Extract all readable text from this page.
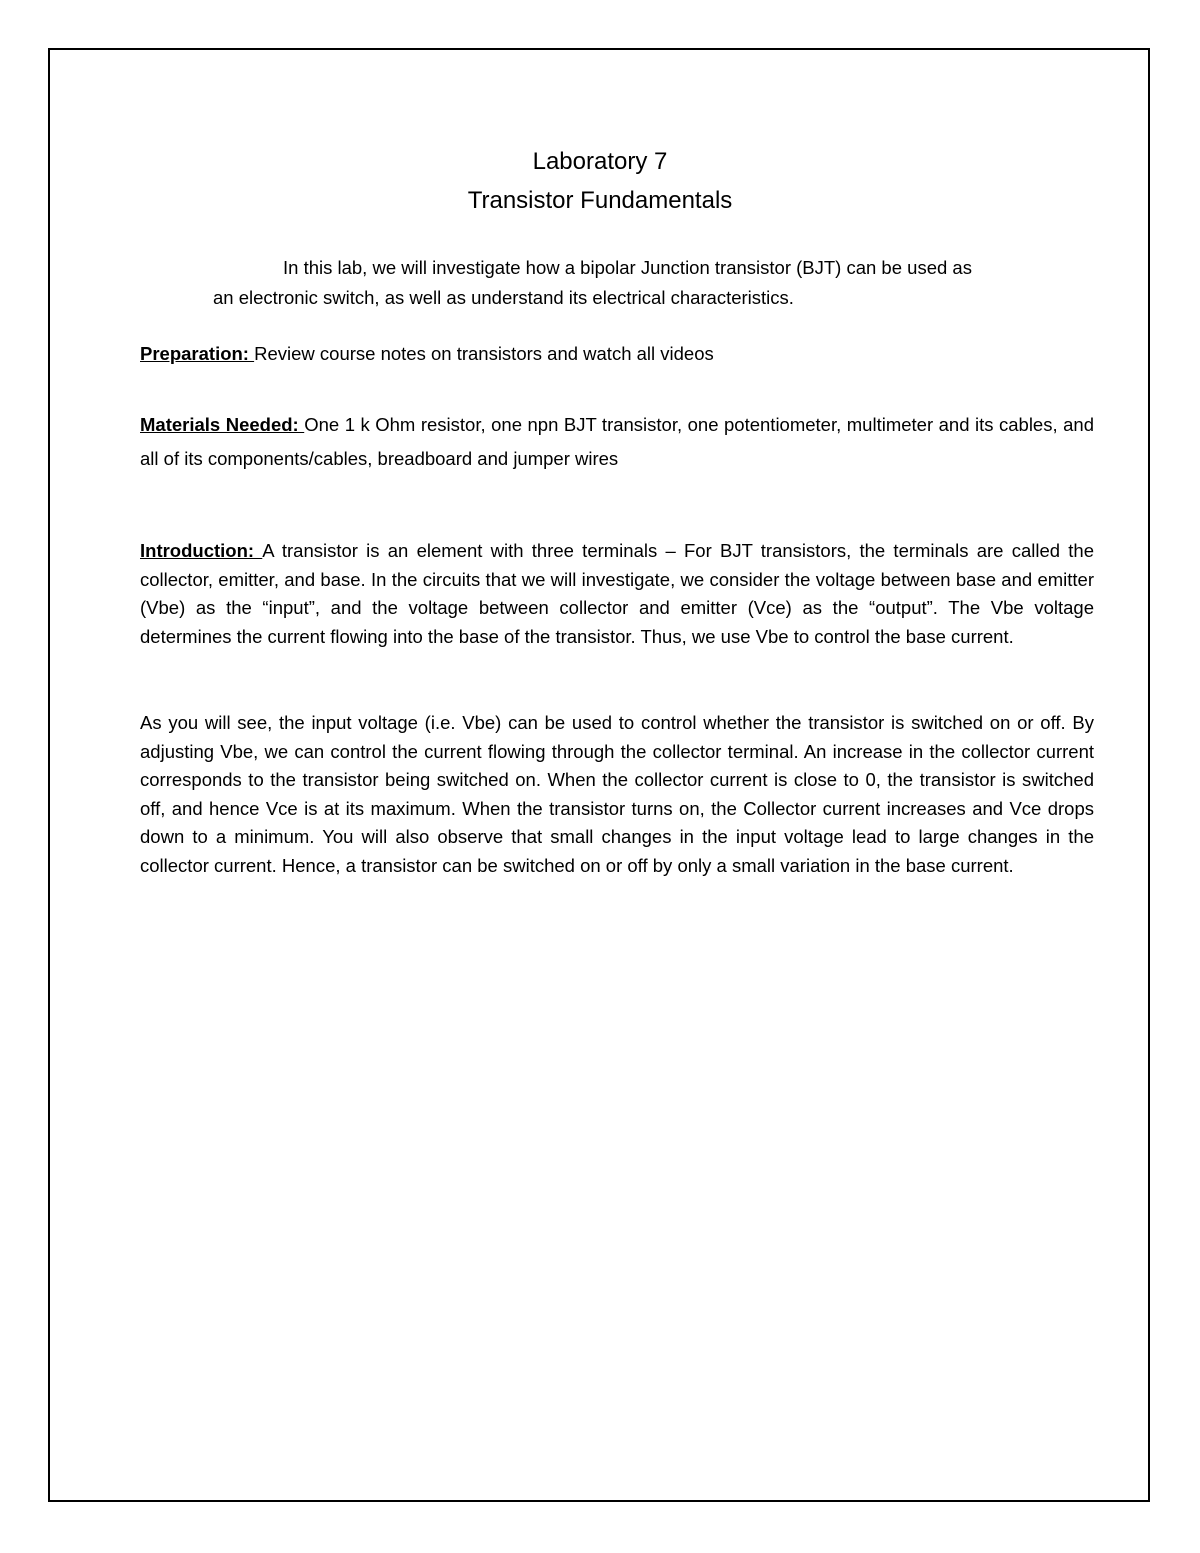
Laboratory 7
Transistor Fundamentals
In this lab, we will investigate how a bipolar Junction transistor (BJT) can be used as
an electronic switch, as well as understand its electrical characteristics.

Preparation: Review course notes on transistors and watch all videos

Materials Needed: One 1 k Ohm resistor, one npn BJT transistor, one potentiometer, multimeter and its cables, and all of its components/cables, breadboard and jumper wires

Introduction: A transistor is an element with three terminals – For BJT transistors, the terminals are called the collector, emitter, and base. In the circuits that we will investigate, we consider the voltage between base and emitter (Vbe) as the “input”, and the voltage between collector and emitter (Vce) as the “output”. The Vbe voltage determines the current flowing into the base of the transistor. Thus, we use Vbe to control the base current.

As you will see, the input voltage (i.e. Vbe) can be used to control whether the transistor is switched on or off. By adjusting Vbe, we can control the current flowing through the collector terminal. An increase in the collector current corresponds to the transistor being switched on. When the collector current is close to 0, the transistor is switched off, and hence Vce is at its maximum. When the transistor turns on, the Collector current increases and Vce drops down to a minimum. You will also observe that small changes in the input voltage lead to large changes in the collector current. Hence, a transistor can be switched on or off by only a small variation in the base current.
